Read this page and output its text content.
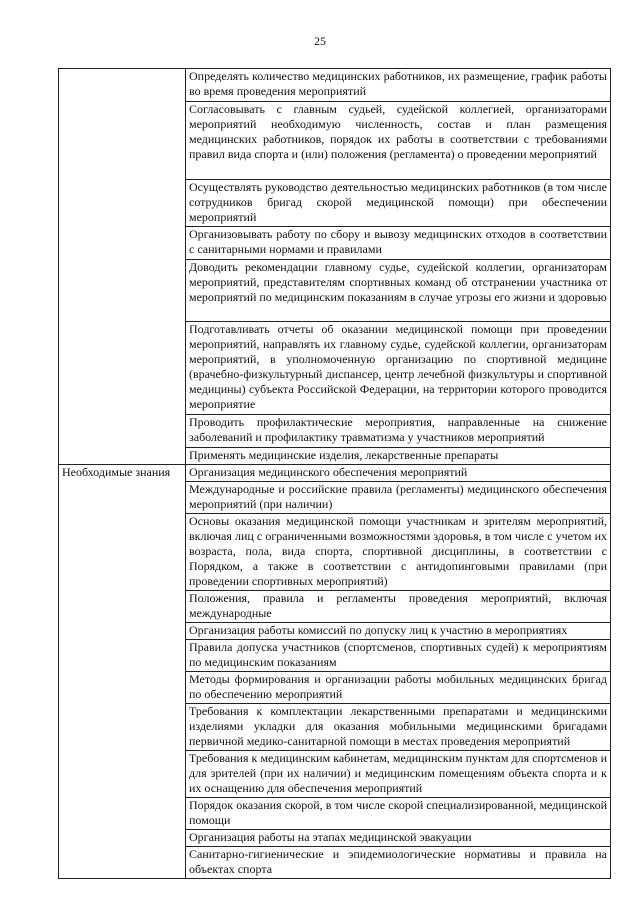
25

	Определять количество медицинских работников, их размещение, график работы во время проведения мероприятий

	Согласовывать с главным судьей, судейской коллегией, организаторами мероприятий необходимую численность, состав и план размещения медицинских работников, порядок их работы в соответствии с требованиями правил вида спорта и (или) положения (регламента) о проведении мероприятий

	Осуществлять руководство деятельностью медицинских работников (в том числе сотрудников бригад скорой медицинской помощи) при обеспечении мероприятий

	Организовывать работу по сбору и вывозу медицинских отходов в соответствии с санитарными нормами и правилами

	Доводить рекомендации главному судье, судейской коллегии, организаторам мероприятий, представителям спортивных команд об отстранении участника от мероприятий по медицинским показаниям в случае угрозы его жизни и здоровью

	Подготавливать отчеты об оказании медицинской помощи при проведении мероприятий, направлять их главному судье, судейской коллегии, организаторам мероприятий, в уполномоченную организацию по спортивной медицине (врачебно-физкультурный диспансер, центр лечебной физкультуры и спортивной медицины) субъекта Российской Федерации, на территории которого проводится мероприятие

	Проводить профилактические мероприятия, направленные на снижение заболеваний и профилактику травматизма у участников мероприятий

	Применять медицинские изделия, лекарственные препараты

Необходимые знания	Организация медицинского обеспечения мероприятий

	Международные и российские правила (регламенты) медицинского обеспечения мероприятий (при наличии)

	Основы оказания медицинской помощи участникам и зрителям мероприятий, включая лиц с ограниченными возможностями здоровья, в том числе с учетом их возраста, пола, вида спорта, спортивной дисциплины, в соответствии с Порядком, а также в соответствии с антидопинговыми правилами (при проведении спортивных мероприятий)

	Положения, правила и регламенты проведения мероприятий, включая международные

	Организация работы комиссий по допуску лиц к участию в мероприятиях

	Правила допуска участников (спортсменов, спортивных судей) к мероприятиям по медицинским показаниям

	Методы формирования и организации работы мобильных медицинских бригад по обеспечению мероприятий

	Требования к комплектации лекарственными препаратами и медицинскими изделиями укладки для оказания мобильными медицинскими бригадами первичной медико-санитарной помощи в местах проведения мероприятий

	Требования к медицинским кабинетам, медицинским пунктам для спортсменов и для зрителей (при их наличии) и медицинским помещениям объекта спорта и к их оснащению для обеспечения мероприятий

	Порядок оказания скорой, в том числе скорой специализированной, медицинской помощи

	Организация работы на этапах медицинской эвакуации

	Санитарно-гигиенические и эпидемиологические нормативы и правила на объектах спорта
